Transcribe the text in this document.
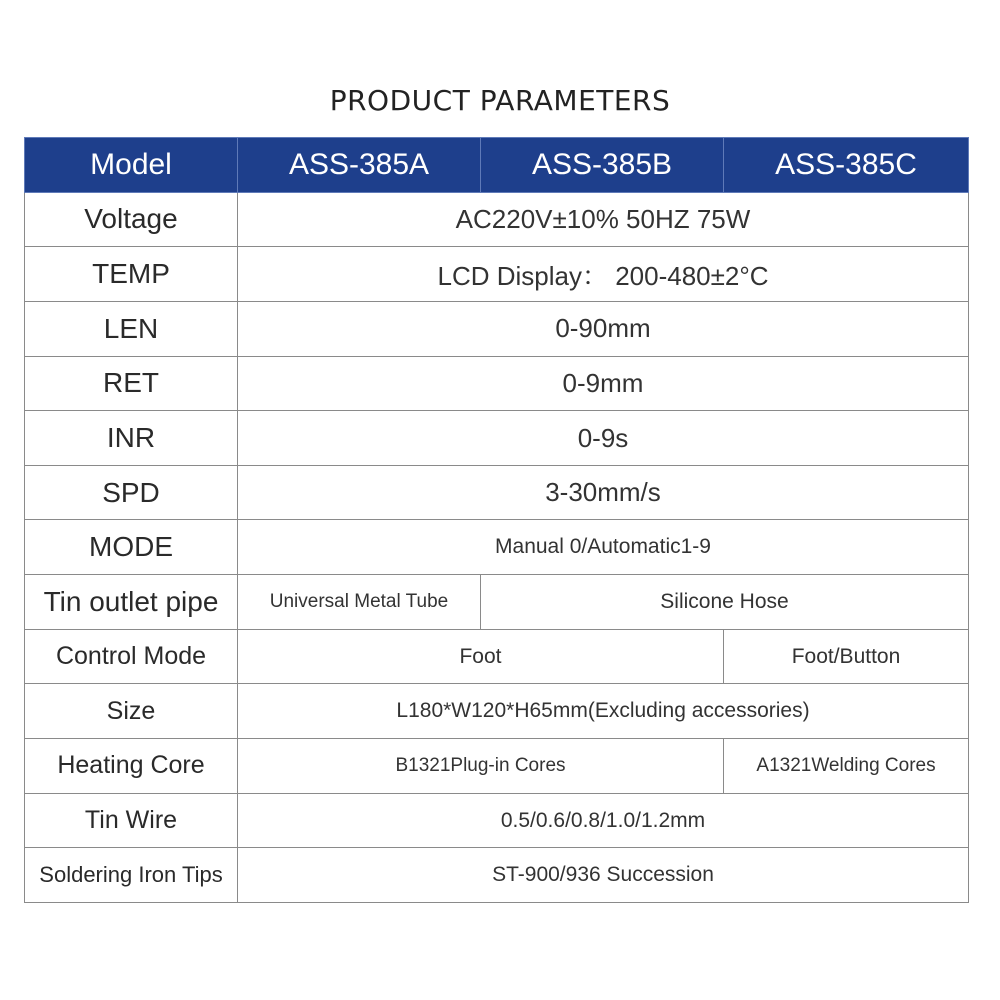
PRODUCT PARAMETERS
Model	ASS-385A	ASS-385B	ASS-385C
Voltage	AC220V±10% 50HZ 75W		
TEMP	LCD Display： 200-480±2°C		
LEN	0-90mm		
RET	0-9mm		
INR	0-9s		
SPD	3-30mm/s		
MODE	Manual 0/Automatic1-9		
Tin outlet pipe	Universal Metal Tube	Silicone Hose	
Control Mode	Foot		Foot/Button
Size	L180*W120*H65mm(Excluding accessories)		
Heating Core	B1321Plug-in Cores		A1321Welding Cores
Tin Wire	0.5/0.6/0.8/1.0/1.2mm		
Soldering Iron Tips	ST-900/936 Succession		
